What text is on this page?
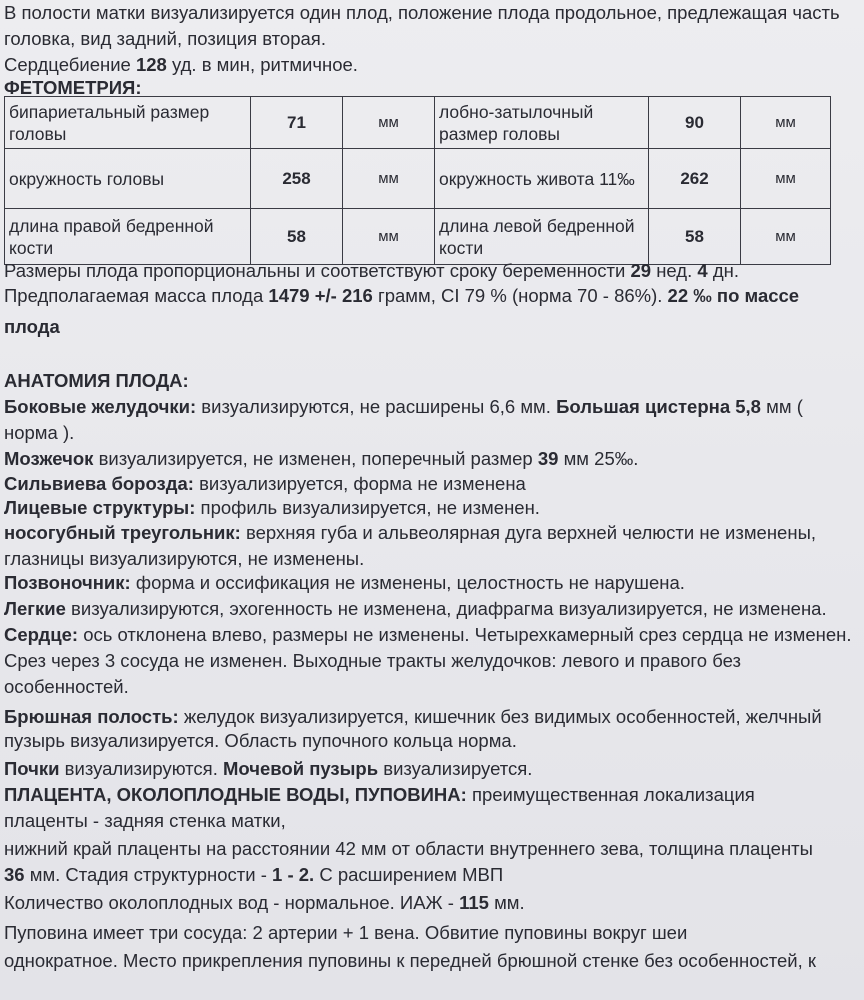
В полости матки визуализируется один плод, положение плода продольное, предлежащая часть
головка, вид задний, позиция вторая.
Сердцебиение 128 уд. в мин, ритмичное.
ФЕТОМЕТРИЯ:
бипариетальный размер головы	71	мм	лобно-затылочный размер головы	90	мм
окружность головы	258	мм	окружность живота 11‰	262	мм
длина правой бедренной кости	58	мм	длина левой бедренной кости	58	мм
Размеры плода пропорциональны и соответствуют сроку беременности 29 нед. 4 дн.
Предполагаемая масса плода 1479 +/- 216 грамм, CI 79 % (норма 70 - 86%). 22 ‰ по массе
плода
АНАТОМИЯ ПЛОДА:
Боковые желудочки: визуализируются, не расширены 6,6 мм. Большая цистерна 5,8 мм (
норма ).
Мозжечок визуализируется, не изменен, поперечный размер 39 мм 25‰.
Сильвиева борозда: визуализируется, форма не изменена
Лицевые структуры: профиль визуализируется, не изменен.
носогубный треугольник: верхняя губа и альвеолярная дуга верхней челюсти не изменены,
глазницы визуализируются, не изменены.
Позвоночник: форма и оссификация не изменены, целостность не нарушена.
Легкие визуализируются, эхогенность не изменена, диафрагма визуализируется, не изменена.
Сердце: ось отклонена влево, размеры не изменены. Четырехкамерный срез сердца не изменен.
Срез через 3 сосуда не изменен. Выходные тракты желудочков: левого и правого без
особенностей.
Брюшная полость: желудок визуализируется, кишечник без видимых особенностей, желчный
пузырь визуализируется. Область пупочного кольца норма.
Почки визуализируются. Мочевой пузырь визуализируется.
ПЛАЦЕНТА, ОКОЛОПЛОДНЫЕ ВОДЫ, ПУПОВИНА: преимущественная локализация
плаценты - задняя стенка матки,
нижний край плаценты на расстоянии 42 мм от области внутреннего зева, толщина плаценты
36 мм. Стадия структурности - 1 - 2. С расширением МВП
Количество околоплодных вод - нормальное. ИАЖ - 115 мм.
Пуповина имеет три сосуда: 2 артерии + 1 вена. Обвитие пуповины вокруг шеи
однократное. Место прикрепления пуповины к передней брюшной стенке без особенностей, к
